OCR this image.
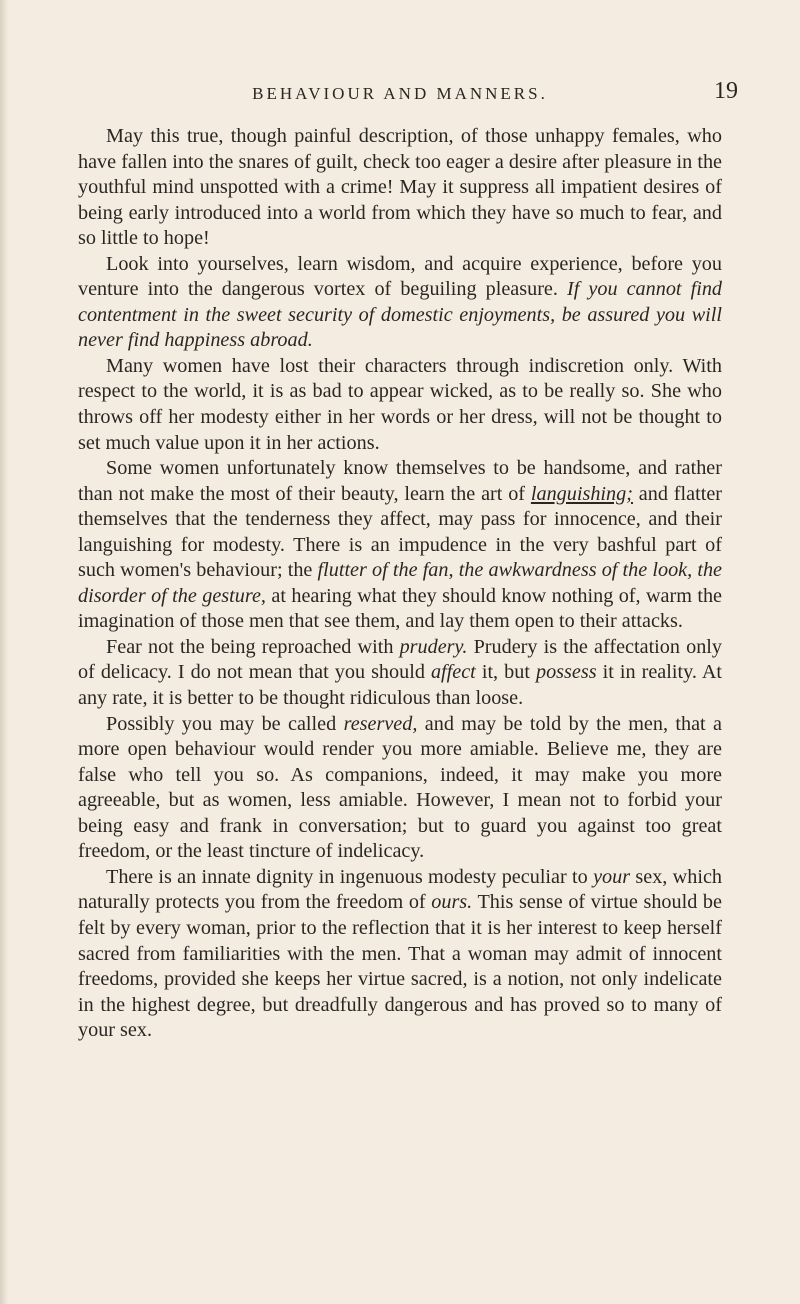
BEHAVIOUR AND MANNERS.	19

May this true, though painful description, of those unhappy females, who have fallen into the snares of guilt, check too eager a desire after pleasure in the youthful mind unspotted with a crime! May it suppress all impatient desires of being early introduced into a world from which they have so much to fear, and so little to hope!

Look into yourselves, learn wisdom, and acquire experience, before you venture into the dangerous vortex of beguiling pleasure. If you cannot find contentment in the sweet security of domestic enjoyments, be assured you will never find happiness abroad.

Many women have lost their characters through indiscretion only. With respect to the world, it is as bad to appear wicked, as to be really so. She who throws off her modesty either in her words or her dress, will not be thought to set much value upon it in her actions.

Some women unfortunately know themselves to be handsome, and rather than not make the most of their beauty, learn the art of languishing; and flatter themselves that the tenderness they affect, may pass for innocence, and their languishing for modesty. There is an impudence in the very bashful part of such women's behaviour; the flutter of the fan, the awkwardness of the look, the disorder of the gesture, at hearing what they should know nothing of, warm the imagination of those men that see them, and lay them open to their attacks.

Fear not the being reproached with prudery. Prudery is the affectation only of delicacy. I do not mean that you should affect it, but possess it in reality. At any rate, it is better to be thought ridiculous than loose.

Possibly you may be called reserved, and may be told by the men, that a more open behaviour would render you more amiable. Believe me, they are false who tell you so. As companions, indeed, it may make you more agreeable, but as women, less amiable. However, I mean not to forbid your being easy and frank in conversation; but to guard you against too great freedom, or the least tincture of indelicacy.

There is an innate dignity in ingenuous modesty peculiar to your sex, which naturally protects you from the freedom of ours. This sense of virtue should be felt by every woman, prior to the reflection that it is her interest to keep herself sacred from familiarities with the men. That a woman may admit of innocent freedoms, provided she keeps her virtue sacred, is a notion, not only indelicate in the highest degree, but dreadfully dangerous and has proved so to many of your sex.
